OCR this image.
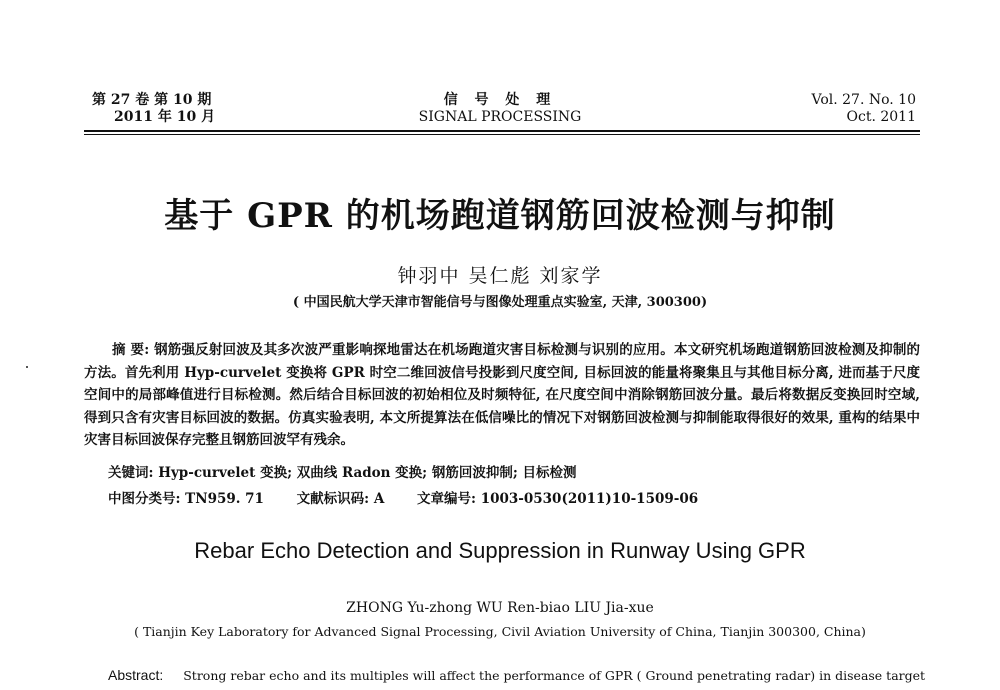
第 27 卷 第 10 期
2011 年 10 月
信 号 处 理
SIGNAL PROCESSING
Vol. 27. No. 10
Oct. 2011
基于 GPR 的机场跑道钢筋回波检测与抑制
钟羽中 吴仁彪 刘家学
( 中国民航大学天津市智能信号与图像处理重点实验室, 天津, 300300)
摘 要: 钢筋强反射回波及其多次波严重影响探地雷达在机场跑道灾害目标检测与识别的应用。本文研究机场跑道钢筋回波检测及抑制的方法。首先利用 Hyp-curvelet 变换将 GPR 时空二维回波信号投影到尺度空间, 目标回波的能量将聚集且与其他目标分离, 进而基于尺度空间中的局部峰值进行目标检测。然后结合目标回波的初始相位及时频特征, 在尺度空间中消除钢筋回波分量。最后将数据反变换回时空域, 得到只含有灾害目标回波的数据。仿真实验表明, 本文所提算法在低信噪比的情况下对钢筋回波检测与抑制能取得很好的效果, 重构的结果中灾害目标回波保存完整且钢筋回波罕有残余。
关键词: Hyp-curvelet 变换; 双曲线 Radon 变换; 钢筋回波抑制; 目标检测
中图分类号: TN959. 71 文献标识码: A 文章编号: 1003-0530(2011)10-1509-06
Rebar Echo Detection and Suppression in Runway Using GPR
ZHONG Yu-zhong WU Ren-biao LIU Jia-xue
( Tianjin Key Laboratory for Advanced Signal Processing, Civil Aviation University of China, Tianjin 300300, China)
Abstract: Strong rebar echo and its multiples will affect the performance of GPR ( Ground penetrating radar) in disease target
